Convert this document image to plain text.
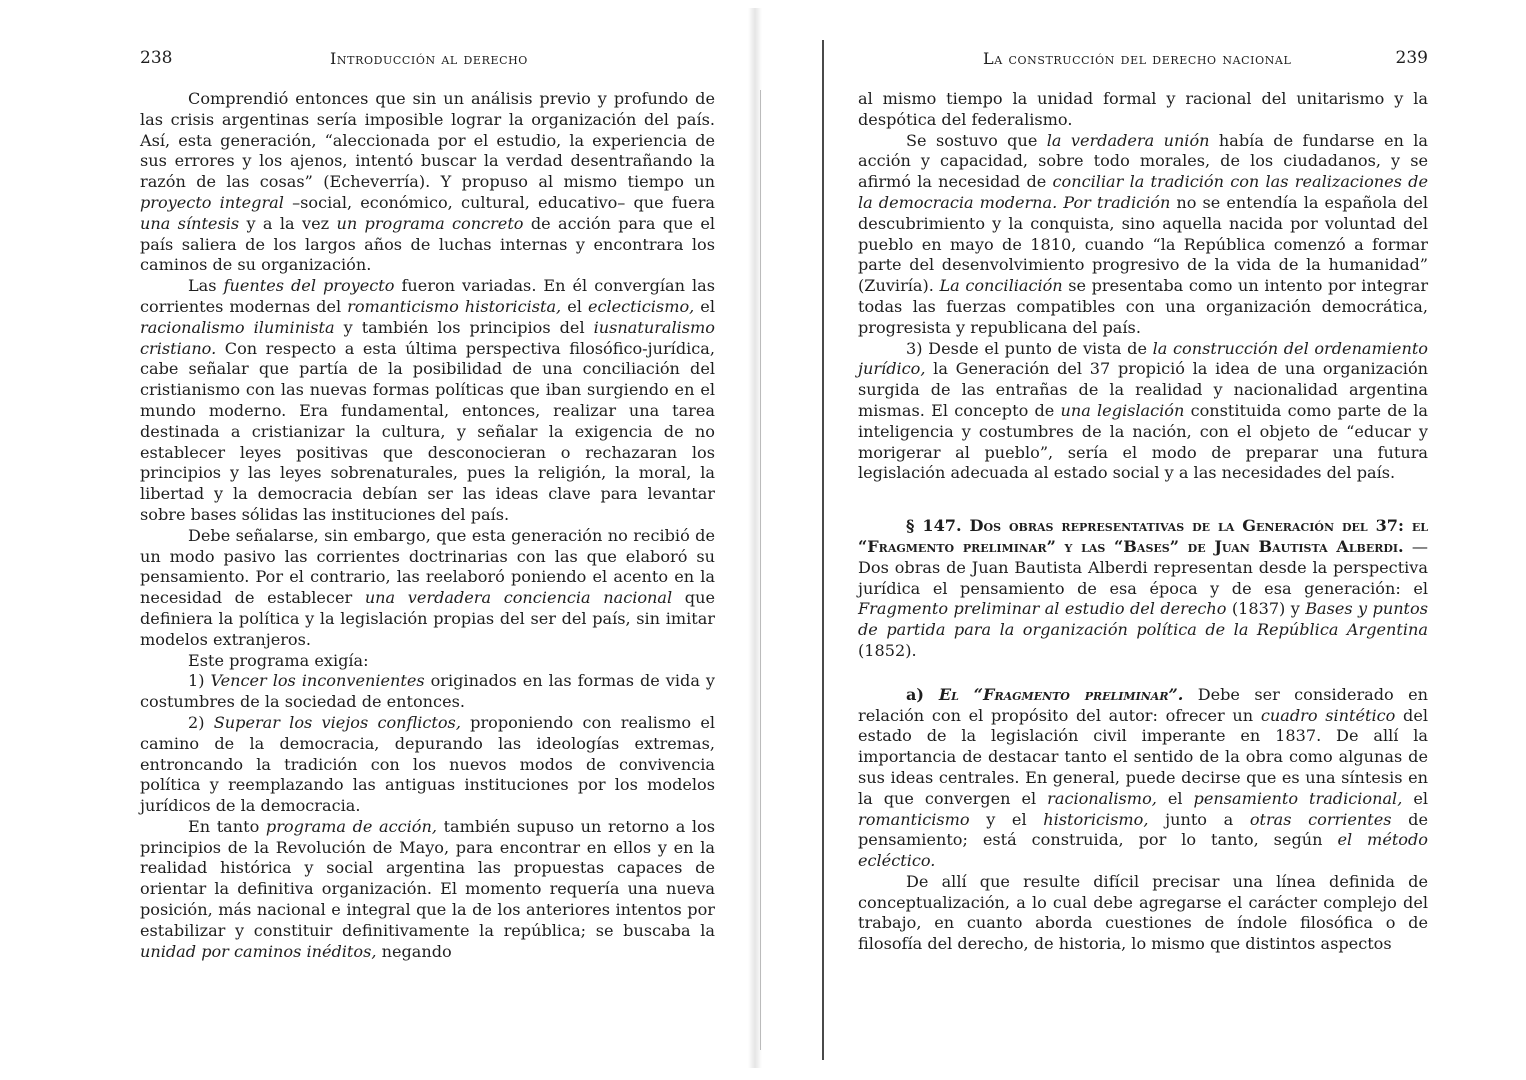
238	Introducción al derecho

Comprendió entonces que sin un análisis previo y profundo de las crisis argentinas sería imposible lograr la organización del país. Así, esta generación, “aleccionada por el estudio, la experiencia de sus errores y los ajenos, intentó buscar la verdad desentrañando la razón de las cosas” (Echeverría). Y propuso al mismo tiempo un proyecto integral –social, económico, cultural, educativo– que fuera una síntesis y a la vez un programa concreto de acción para que el país saliera de los largos años de luchas internas y encontrara los caminos de su organización.

Las fuentes del proyecto fueron variadas. En él convergían las corrientes modernas del romanticismo historicista, el eclecticismo, el racionalismo iluminista y también los principios del iusnaturalismo cristiano. Con respecto a esta última perspectiva filosófico-jurídica, cabe señalar que partía de la posibilidad de una conciliación del cristianismo con las nuevas formas políticas que iban surgiendo en el mundo moderno. Era fundamental, entonces, realizar una tarea destinada a cristianizar la cultura, y señalar la exigencia de no establecer leyes positivas que desconocieran o rechazaran los principios y las leyes sobrenaturales, pues la religión, la moral, la libertad y la democracia debían ser las ideas clave para levantar sobre bases sólidas las instituciones del país.

Debe señalarse, sin embargo, que esta generación no recibió de un modo pasivo las corrientes doctrinarias con las que elaboró su pensamiento. Por el contrario, las reelaboró poniendo el acento en la necesidad de establecer una verdadera conciencia nacional que definiera la política y la legislación propias del ser del país, sin imitar modelos extranjeros.

Este programa exigía:

1) Vencer los inconvenientes originados en las formas de vida y costumbres de la sociedad de entonces.

2) Superar los viejos conflictos, proponiendo con realismo el camino de la democracia, depurando las ideologías extremas, entroncando la tradición con los nuevos modos de convivencia política y reemplazando las antiguas instituciones por los modelos jurídicos de la democracia.

En tanto programa de acción, también supuso un retorno a los principios de la Revolución de Mayo, para encontrar en ellos y en la realidad histórica y social argentina las propuestas capaces de orientar la definitiva organización. El momento requería una nueva posición, más nacional e integral que la de los anteriores intentos por estabilizar y constituir definitivamente la república; se buscaba la unidad por caminos inéditos, negando

La construcción del derecho nacional	239

al mismo tiempo la unidad formal y racional del unitarismo y la despótica del federalismo.

Se sostuvo que la verdadera unión había de fundarse en la acción y capacidad, sobre todo morales, de los ciudadanos, y se afirmó la necesidad de conciliar la tradición con las realizaciones de la democracia moderna. Por tradición no se entendía la española del descubrimiento y la conquista, sino aquella nacida por voluntad del pueblo en mayo de 1810, cuando “la República comenzó a formar parte del desenvolvimiento progresivo de la vida de la humanidad” (Zuviría). La conciliación se presentaba como un intento por integrar todas las fuerzas compatibles con una organización democrática, progresista y republicana del país.

3) Desde el punto de vista de la construcción del ordenamiento jurídico, la Generación del 37 propició la idea de una organización surgida de las entrañas de la realidad y nacionalidad argentina mismas. El concepto de una legislación constituida como parte de la inteligencia y costumbres de la nación, con el objeto de “educar y morigerar al pueblo”, sería el modo de preparar una futura legislación adecuada al estado social y a las necesidades del país.

§ 147. Dos obras representativas de la Generación del 37: el “Fragmento preliminar” y las “Bases” de Juan Bautista Alberdi. — Dos obras de Juan Bautista Alberdi representan desde la perspectiva jurídica el pensamiento de esa época y de esa generación: el Fragmento preliminar al estudio del derecho (1837) y Bases y puntos de partida para la organización política de la República Argentina (1852).

a) El “Fragmento preliminar”. Debe ser considerado en relación con el propósito del autor: ofrecer un cuadro sintético del estado de la legislación civil imperante en 1837. De allí la importancia de destacar tanto el sentido de la obra como algunas de sus ideas centrales. En general, puede decirse que es una síntesis en la que convergen el racionalismo, el pensamiento tradicional, el romanticismo y el historicismo, junto a otras corrientes de pensamiento; está construida, por lo tanto, según el método ecléctico.

De allí que resulte difícil precisar una línea definida de conceptualización, a lo cual debe agregarse el carácter complejo del trabajo, en cuanto aborda cuestiones de índole filosófica o de filosofía del derecho, de historia, lo mismo que distintos aspectos
